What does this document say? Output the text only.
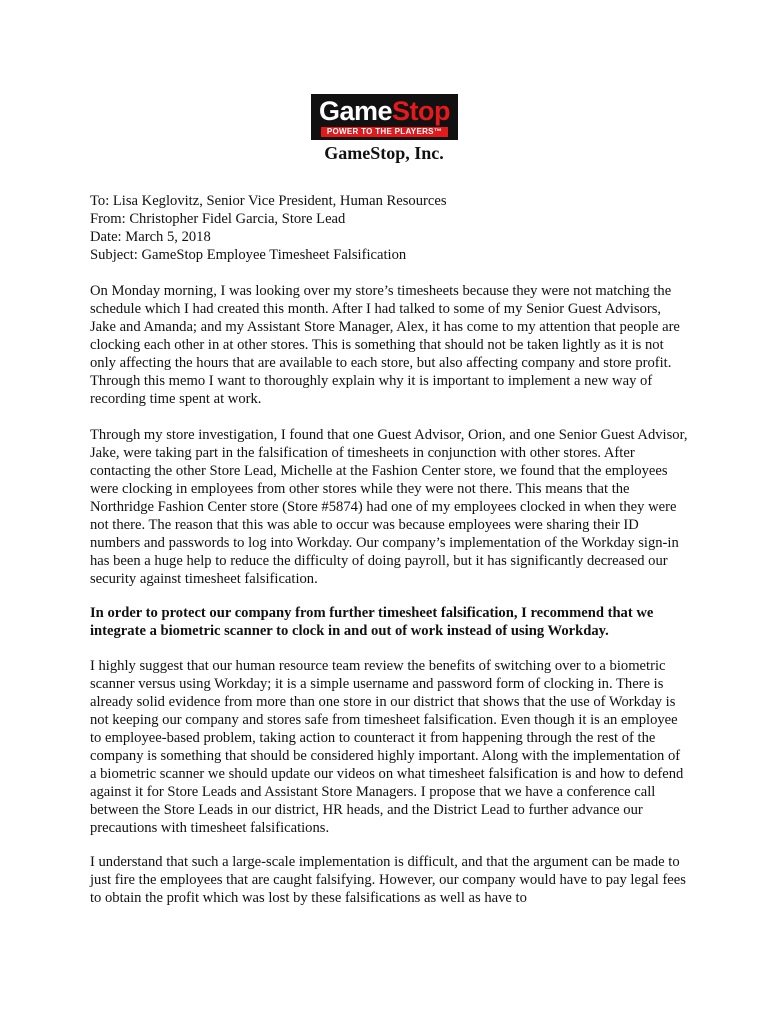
GameStop
POWER TO THE PLAYERS™
GameStop, Inc.
To: Lisa Keglovitz, Senior Vice President, Human Resources
From: Christopher Fidel Garcia, Store Lead
Date: March 5, 2018
Subject: GameStop Employee Timesheet Falsification

On Monday morning, I was looking over my store’s timesheets because they were not matching the schedule which I had created this month. After I had talked to some of my Senior Guest Advisors, Jake and Amanda; and my Assistant Store Manager, Alex, it has come to my attention that people are clocking each other in at other stores. This is something that should not be taken lightly as it is not only affecting the hours that are available to each store, but also affecting company and store profit. Through this memo I want to thoroughly explain why it is important to implement a new way of recording time spent at work.

Through my store investigation, I found that one Guest Advisor, Orion, and one Senior Guest Advisor, Jake, were taking part in the falsification of timesheets in conjunction with other stores. After contacting the other Store Lead, Michelle at the Fashion Center store, we found that the employees were clocking in employees from other stores while they were not there. This means that the Northridge Fashion Center store (Store #5874) had one of my employees clocked in when they were not there. The reason that this was able to occur was because employees were sharing their ID numbers and passwords to log into Workday. Our company’s implementation of the Workday sign-in has been a huge help to reduce the difficulty of doing payroll, but it has significantly decreased our security against timesheet falsification.

In order to protect our company from further timesheet falsification, I recommend that we integrate a biometric scanner to clock in and out of work instead of using Workday.

I highly suggest that our human resource team review the benefits of switching over to a biometric scanner versus using Workday; it is a simple username and password form of clocking in. There is already solid evidence from more than one store in our district that shows that the use of Workday is not keeping our company and stores safe from timesheet falsification. Even though it is an employee to employee-based problem, taking action to counteract it from happening through the rest of the company is something that should be considered highly important. Along with the implementation of a biometric scanner we should update our videos on what timesheet falsification is and how to defend against it for Store Leads and Assistant Store Managers. I propose that we have a conference call between the Store Leads in our district, HR heads, and the District Lead to further advance our precautions with timesheet falsifications.

I understand that such a large-scale implementation is difficult, and that the argument can be made to just fire the employees that are caught falsifying. However, our company would have to pay legal fees to obtain the profit which was lost by these falsifications as well as have to
